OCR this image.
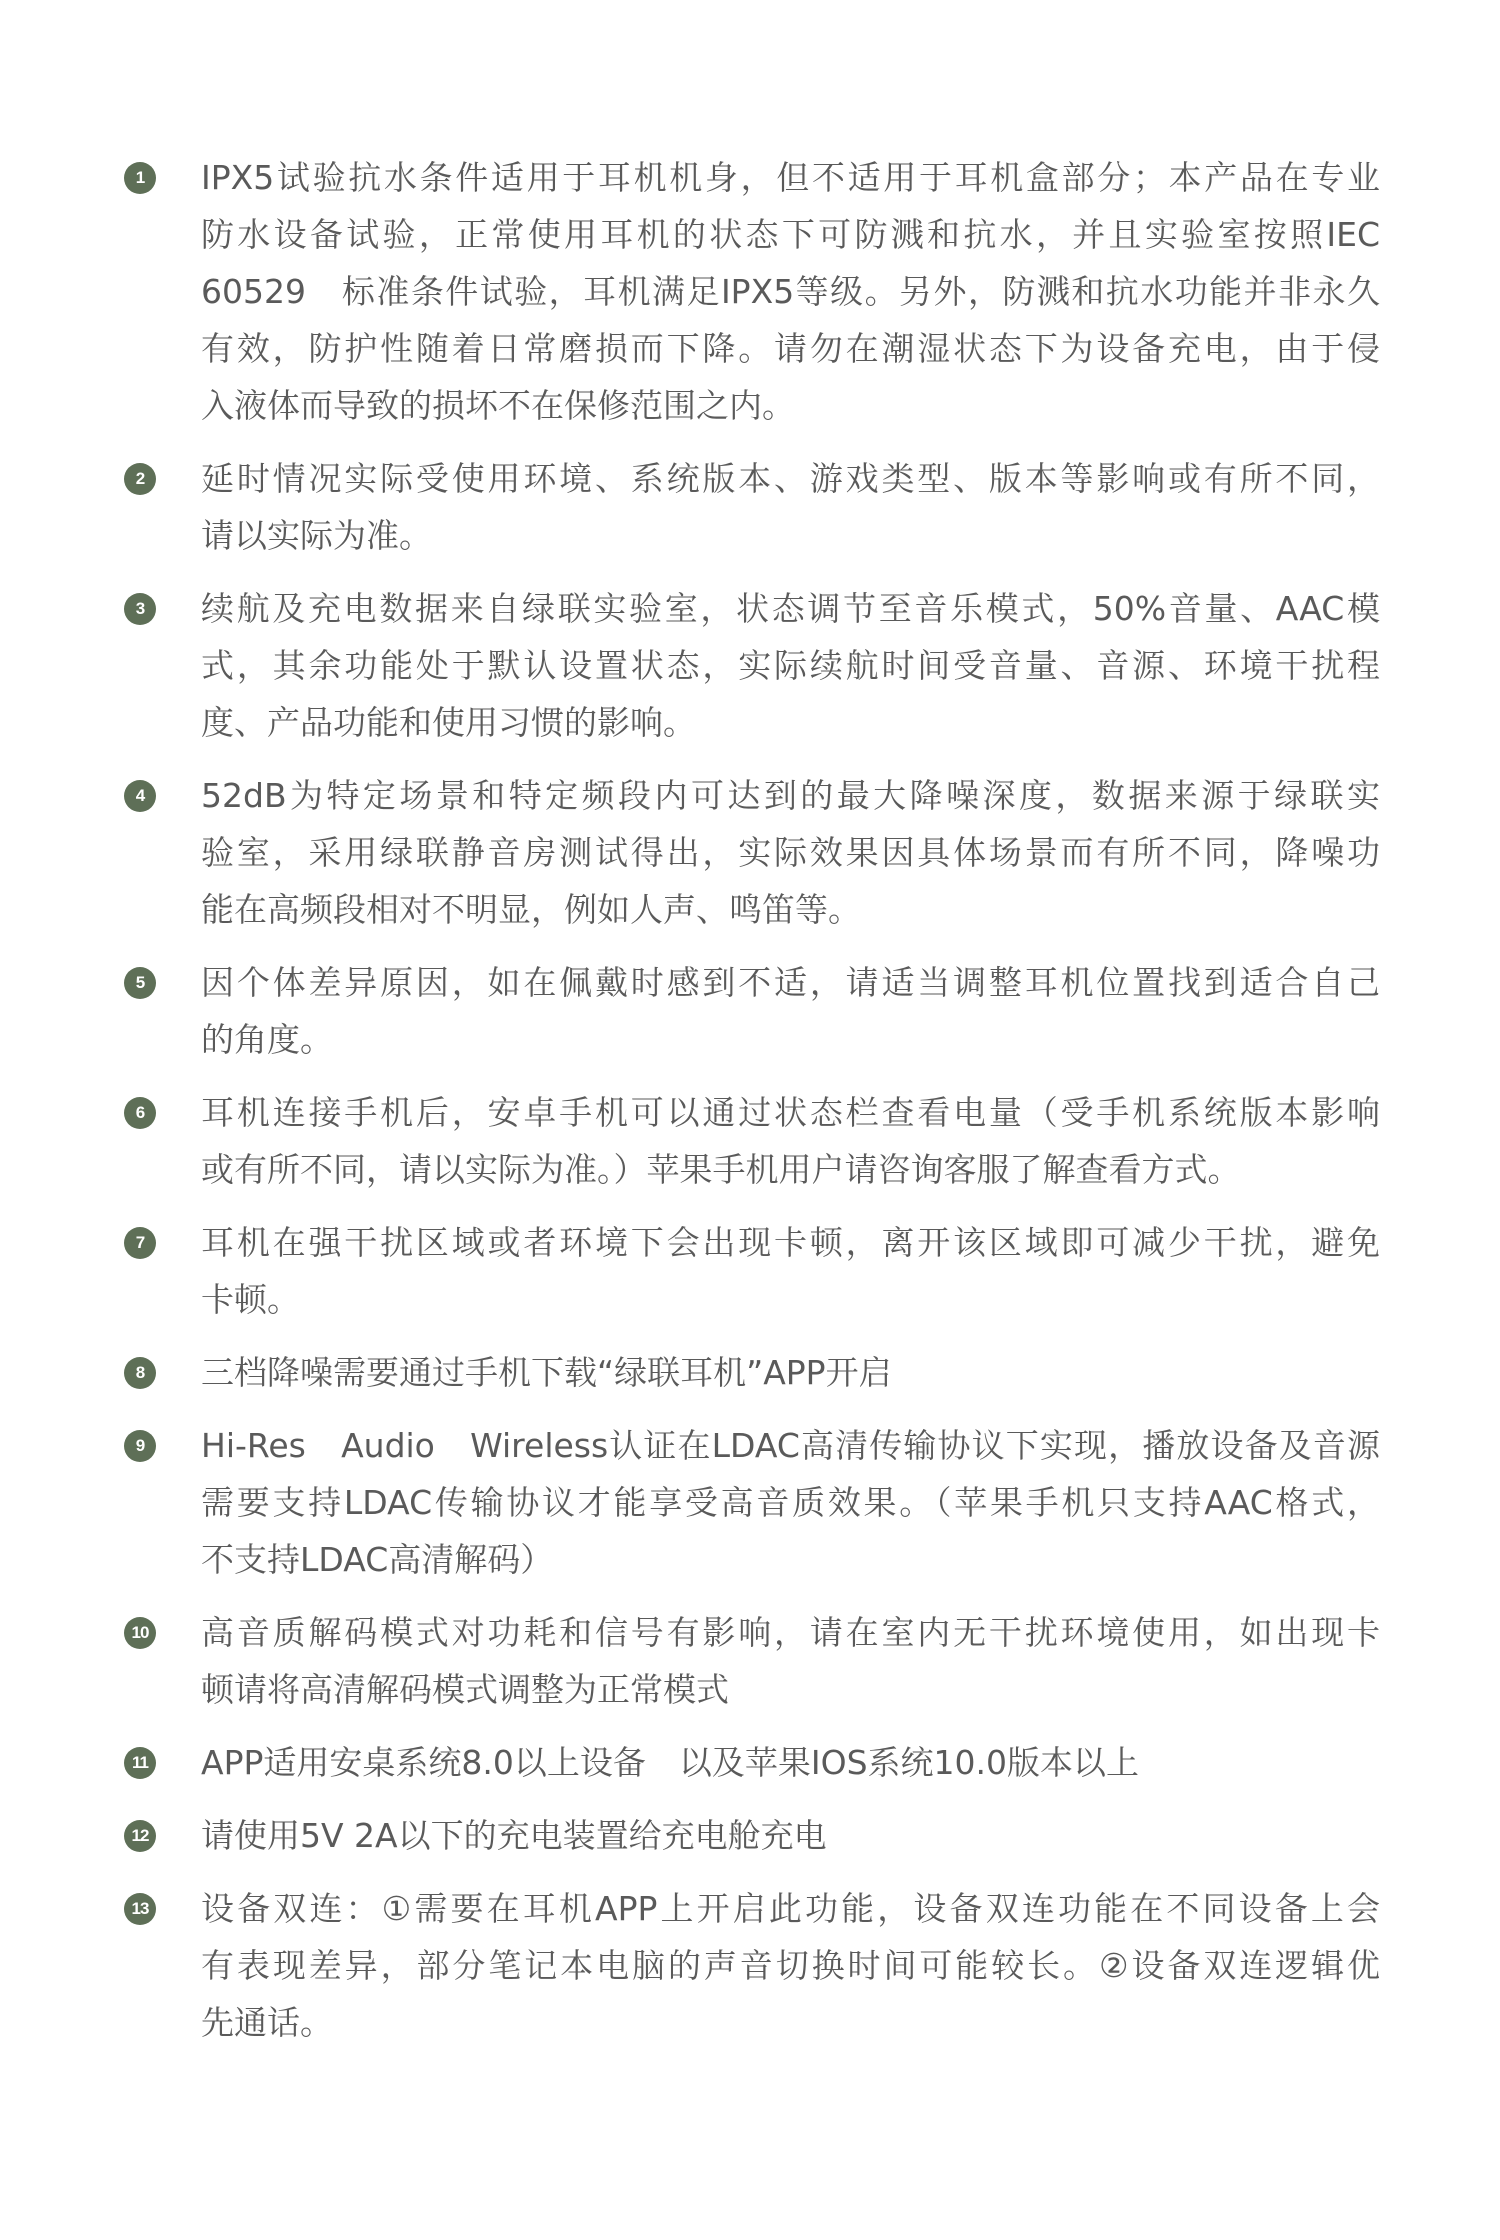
1	IPX5试验抗水条件适用于耳机机身，但不适用于耳机盒部分；本产品在专业
防水设备试验，正常使用耳机的状态下可防溅和抗水，并且实验室按照IEC
60529　标准条件试验，耳机满足IPX5等级。另外，防溅和抗水功能并非永久
有效，防护性随着日常磨损而下降。请勿在潮湿状态下为设备充电，由于侵
入液体而导致的损坏不在保修范围之内。
2	延时情况实际受使用环境、系统版本、游戏类型、版本等影响或有所不同，
请以实际为准。
3	续航及充电数据来自绿联实验室，状态调节至音乐模式，50%音量、AAC模
式，其余功能处于默认设置状态，实际续航时间受音量、音源、环境干扰程
度、产品功能和使用习惯的影响。
4	52dB为特定场景和特定频段内可达到的最大降噪深度，数据来源于绿联实
验室，采用绿联静音房测试得出，实际效果因具体场景而有所不同，降噪功
能在高频段相对不明显，例如人声、鸣笛等。
5	因个体差异原因，如在佩戴时感到不适，请适当调整耳机位置找到适合自己
的角度。
6	耳机连接手机后，安卓手机可以通过状态栏查看电量（受手机系统版本影响
或有所不同，请以实际为准。）苹果手机用户请咨询客服了解查看方式。
7	耳机在强干扰区域或者环境下会出现卡顿，离开该区域即可减少干扰，避免
卡顿。
8	三档降噪需要通过手机下载“绿联耳机”APP开启
9	Hi-Res　Audio　Wireless认证在LDAC高清传输协议下实现，播放设备及音源
需要支持LDAC传输协议才能享受高音质效果。（苹果手机只支持AAC格式，
不支持LDAC高清解码）
10 高音质解码模式对功耗和信号有影响，请在室内无干扰环境使用，如出现卡
顿请将高清解码模式调整为正常模式
11 APP适用安桌系统8.0以上设备　以及苹果IOS系统10.0版本以上
12 请使用5V 2A以下的充电装置给充电舱充电
13 设备双连：①需要在耳机APP上开启此功能，设备双连功能在不同设备上会
有表现差异，部分笔记本电脑的声音切换时间可能较长。②设备双连逻辑优
先通话。
